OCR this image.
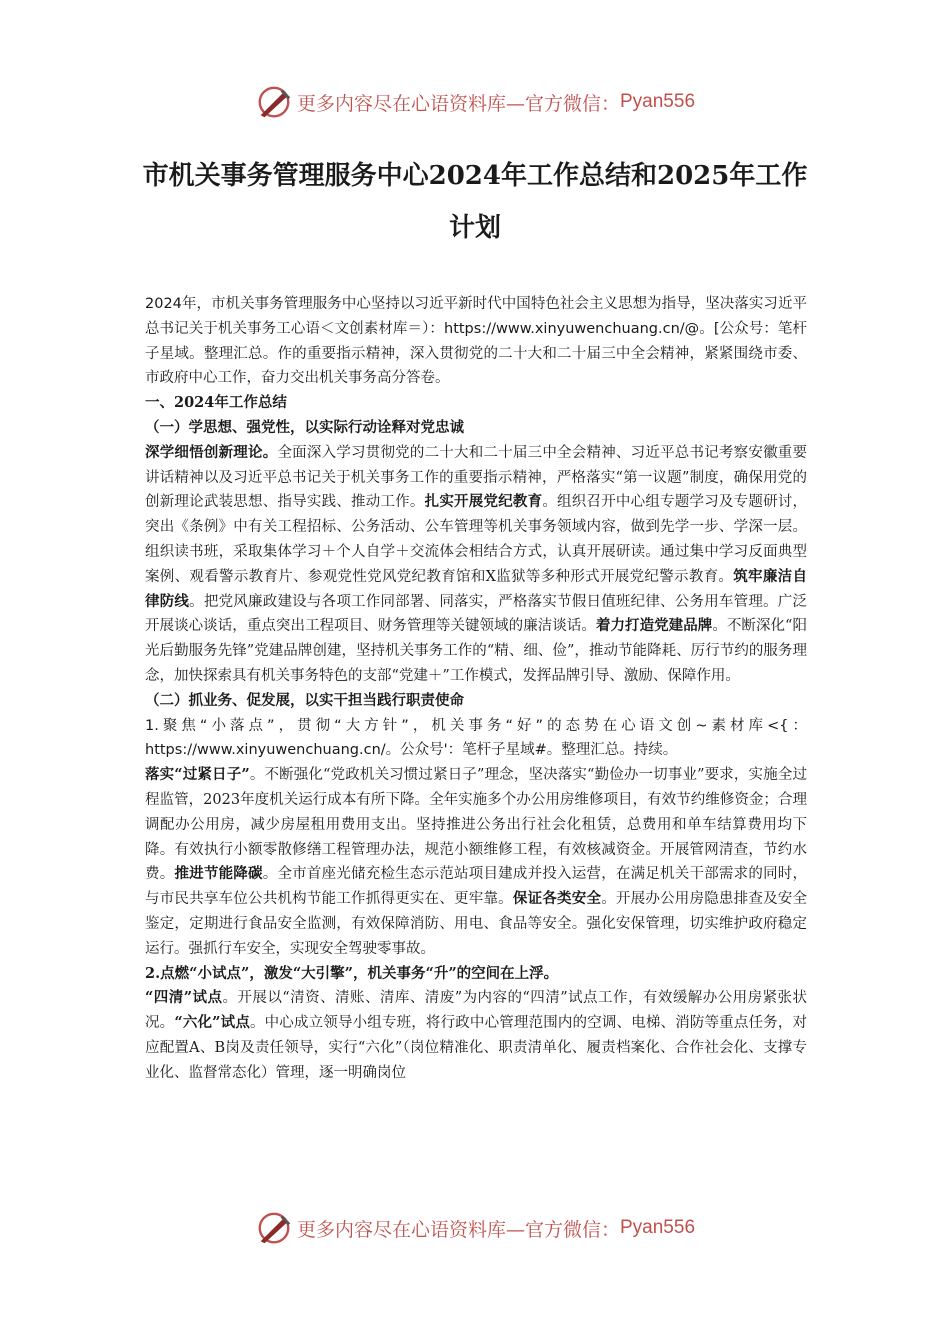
更多内容尽在心语资料库—官方微信： Pyan556
市机关事务管理服务中心2024年工作总结和2025年工作计划

2024年，市机关事务管理服务中心坚持以习近平新时代中国特色社会主义思想为指导，坚决落实习近平总书记关于机关事务工心语＜文创素材库＝）：https://www.xinyuwenchuang.cn/@。[公众号：笔杆子星域。整理汇总。作的重要指示精神，深入贯彻党的二十大和二十届三中全会精神，紧紧围绕市委、市政府中心工作，奋力交出机关事务高分答卷。

一、2024年工作总结

（一）学思想、强党性，以实际行动诠释对党忠诚

深学细悟创新理论。全面深入学习贯彻党的二十大和二十届三中全会精神、习近平总书记考察安徽重要讲话精神以及习近平总书记关于机关事务工作的重要指示精神，严格落实“第一议题”制度，确保用党的创新理论武装思想、指导实践、推动工作。扎实开展党纪教育。组织召开中心组专题学习及专题研讨，突出《条例》中有关工程招标、公务活动、公车管理等机关事务领域内容，做到先学一步、学深一层。组织读书班，采取集体学习＋个人自学＋交流体会相结合方式，认真开展研读。通过集中学习反面典型案例、观看警示教育片、参观党性党风党纪教育馆和X监狱等多种形式开展党纪警示教育。筑牢廉洁自律防线。把党风廉政建设与各项工作同部署、同落实，严格落实节假日值班纪律、公务用车管理。广泛开展谈心谈话，重点突出工程项目、财务管理等关键领域的廉洁谈话。着力打造党建品牌。不断深化“阳光后勤服务先锋”党建品牌创建，坚持机关事务工作的“精、细、俭”，推动节能降耗、厉行节约的服务理念，加快探索具有机关事务特色的支部“党建＋”工作模式，发挥品牌引导、激励、保障作用。

（二）抓业务、促发展，以实干担当践行职责使命

1.聚焦“小落点”，贯彻“大方针”，机关事务“好”的态势在心语文创~素材库<{：https://www.xinyuwenchuang.cn/。公众号'：笔杆子星域#。整理汇总。持续。

落实“过紧日子”。不断强化“党政机关习惯过紧日子”理念，坚决落实“勤俭办一切事业”要求，实施全过程监管，2023年度机关运行成本有所下降。全年实施多个办公用房维修项目，有效节约维修资金；合理调配办公用房，减少房屋租用费用支出。坚持推进公务出行社会化租赁，总费用和单车结算费用均下降。有效执行小额零散修缮工程管理办法，规范小额维修工程，有效核减资金。开展管网清查，节约水费。推进节能降碳。全市首座光储充检生态示范站项目建成并投入运营，在满足机关干部需求的同时，与市民共享车位公共机构节能工作抓得更实在、更牢靠。保证各类安全。开展办公用房隐患排查及安全鉴定，定期进行食品安全监测，有效保障消防、用电、食品等安全。强化安保管理，切实维护政府稳定运行。强抓行车安全，实现安全驾驶零事故。

2.点燃“小试点”，激发“大引擎”，机关事务“升”的空间在上浮。

“四清”试点。开展以“清资、清账、清库、清废”为内容的“四清”试点工作，有效缓解办公用房紧张状况。“六化”试点。中心成立领导小组专班，将行政中心管理范围内的空调、电梯、消防等重点任务，对应配置A、B岗及责任领导，实行“六化”（岗位精准化、职责清单化、履责档案化、合作社会化、支撑专业化、监督常态化）管理，逐一明确岗位

更多内容尽在心语资料库—官方微信： Pyan556
